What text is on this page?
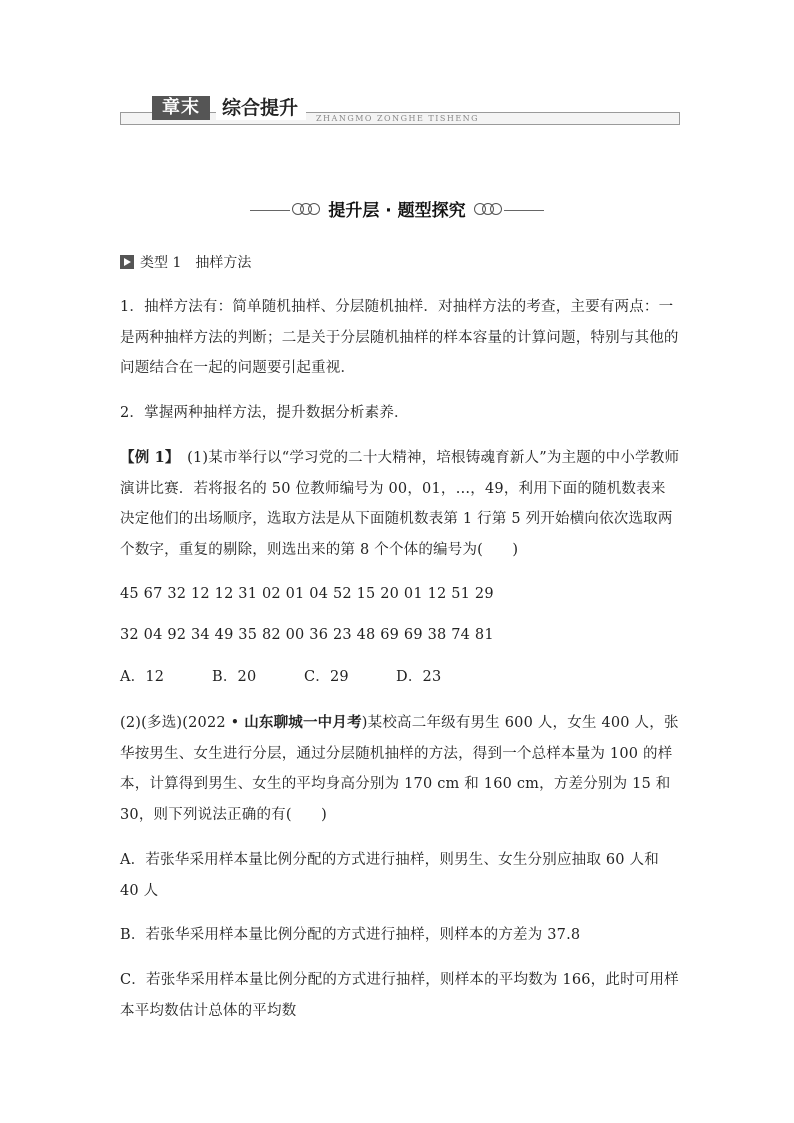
章末	综合提升	ZHANGMO ZONGHE TISHENG
提升层 · 题型探究
类型 1　 抽样方法
1．抽样方法有：简单随机抽样、分层随机抽样．对抽样方法的考查，主要有两点：一是两种抽样方法的判断；二是关于分层随机抽样的样本容量的计算问题，特别与其他的问题结合在一起的问题要引起重视．
2．掌握两种抽样方法，提升数据分析素养．
【例 1】　(1)某市举行以“学习党的二十大精神，培根铸魂育新人”为主题的中小学教师演讲比赛．若将报名的 50 位教师编号为 00，01，…，49，利用下面的随机数表来决定他们的出场顺序，选取方法是从下面随机数表第 1 行第 5 列开始横向依次选取两个数字，重复的剔除，则选出来的第 8 个个体的编号为(　　)
45 67 32 12 12 31 02 01 04 52 15 20 01 12 51 29
32 04 92 34 49 35 82 00 36 23 48 69 69 38 74 81
A．12	B．20	C．29	D．23
(2)(多选)(2022 • 山东聊城一中月考)某校高二年级有男生 600 人，女生 400 人，张华按男生、女生进行分层，通过分层随机抽样的方法，得到一个总样本量为 100 的样本，计算得到男生、女生的平均身高分别为 170 cm 和 160 cm，方差分别为 15 和 30，则下列说法正确的有(　　)
A．若张华采用样本量比例分配的方式进行抽样，则男生、女生分别应抽取 60 人和 40 人
B．若张华采用样本量比例分配的方式进行抽样，则样本的方差为 37.8
C．若张华采用样本量比例分配的方式进行抽样，则样本的平均数为 166，此时可用样本平均数估计总体的平均数
